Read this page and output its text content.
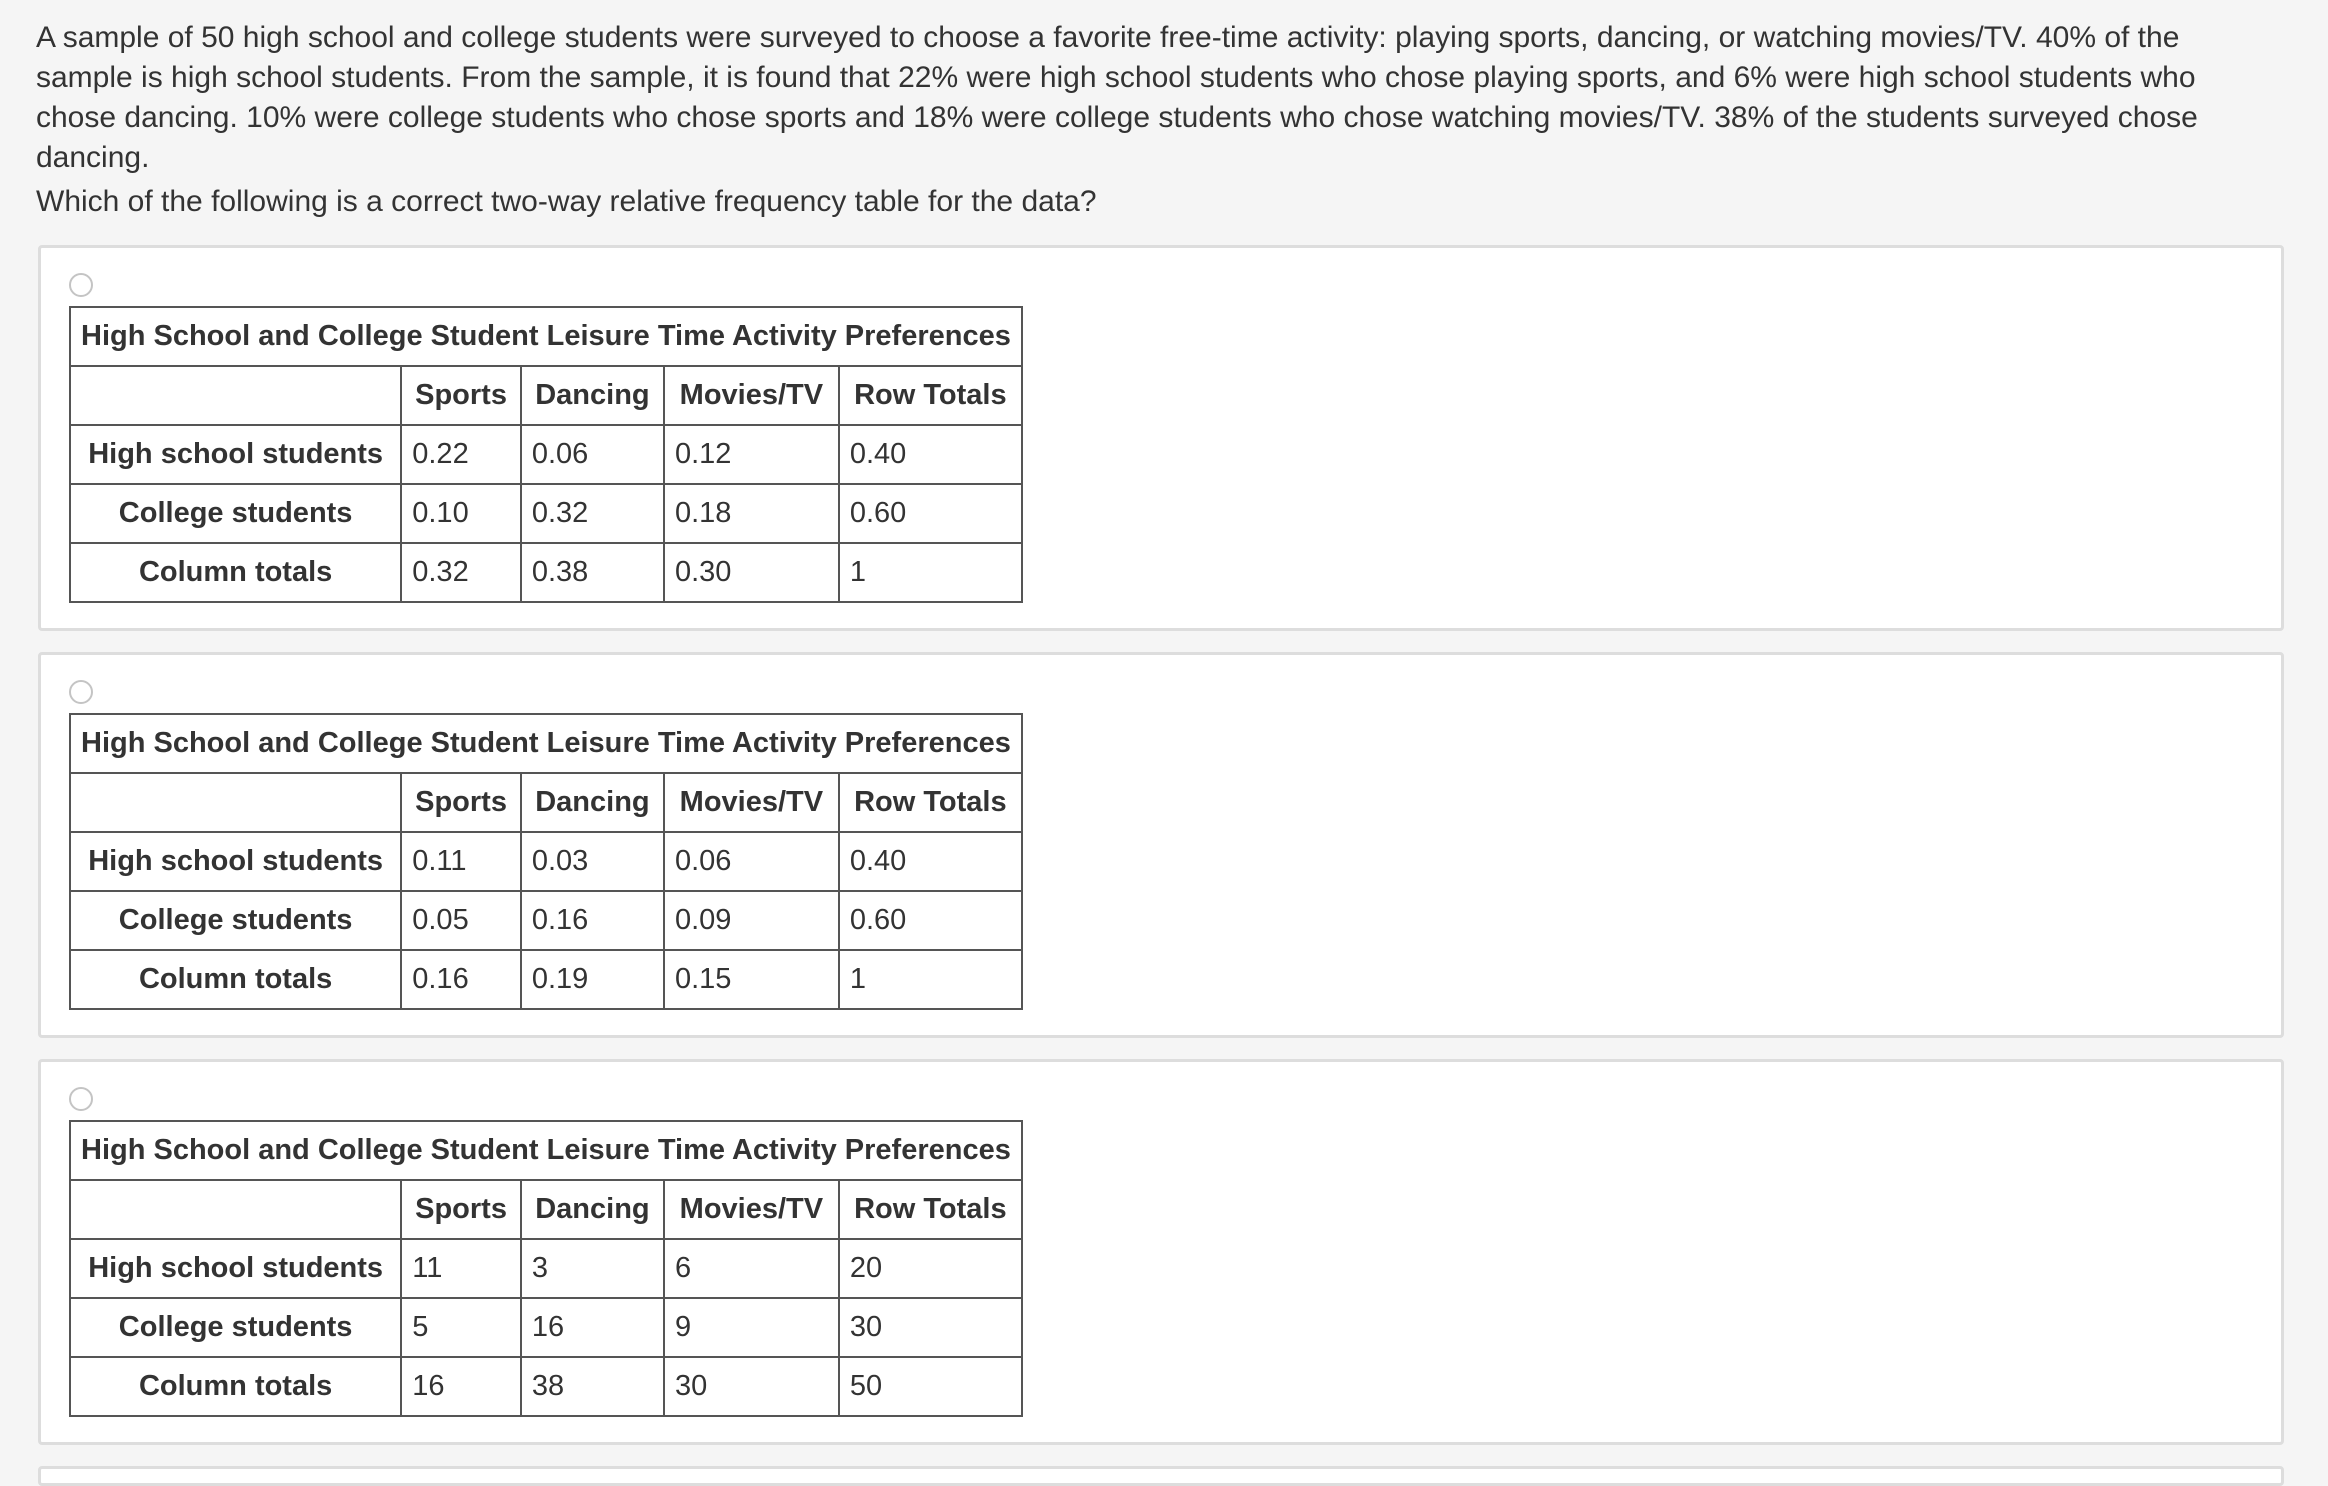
A sample of 50 high school and college students were surveyed to choose a favorite free-time activity: playing sports, dancing, or watching movies/TV. 40% of the sample is high school students. From the sample, it is found that 22% were high school students who chose playing sports, and 6% were high school students who chose dancing. 10% were college students who chose sports and 18% were college students who chose watching movies/TV. 38% of the students surveyed chose dancing.
Which of the following is a correct two-way relative frequency table for the data?
High School and College Student Leisure Time Activity Preferences				
	Sports	Dancing	Movies/TV	Row Totals
High school students	0.22	0.06	0.12	0.40
College students	0.10	0.32	0.18	0.60
Column totals	0.32	0.38	0.30	1
High School and College Student Leisure Time Activity Preferences				
	Sports	Dancing	Movies/TV	Row Totals
High school students	0.11	0.03	0.06	0.40
College students	0.05	0.16	0.09	0.60
Column totals	0.16	0.19	0.15	1
High School and College Student Leisure Time Activity Preferences				
	Sports	Dancing	Movies/TV	Row Totals
High school students	11	3	6	20
College students	5	16	9	30
Column totals	16	38	30	50
